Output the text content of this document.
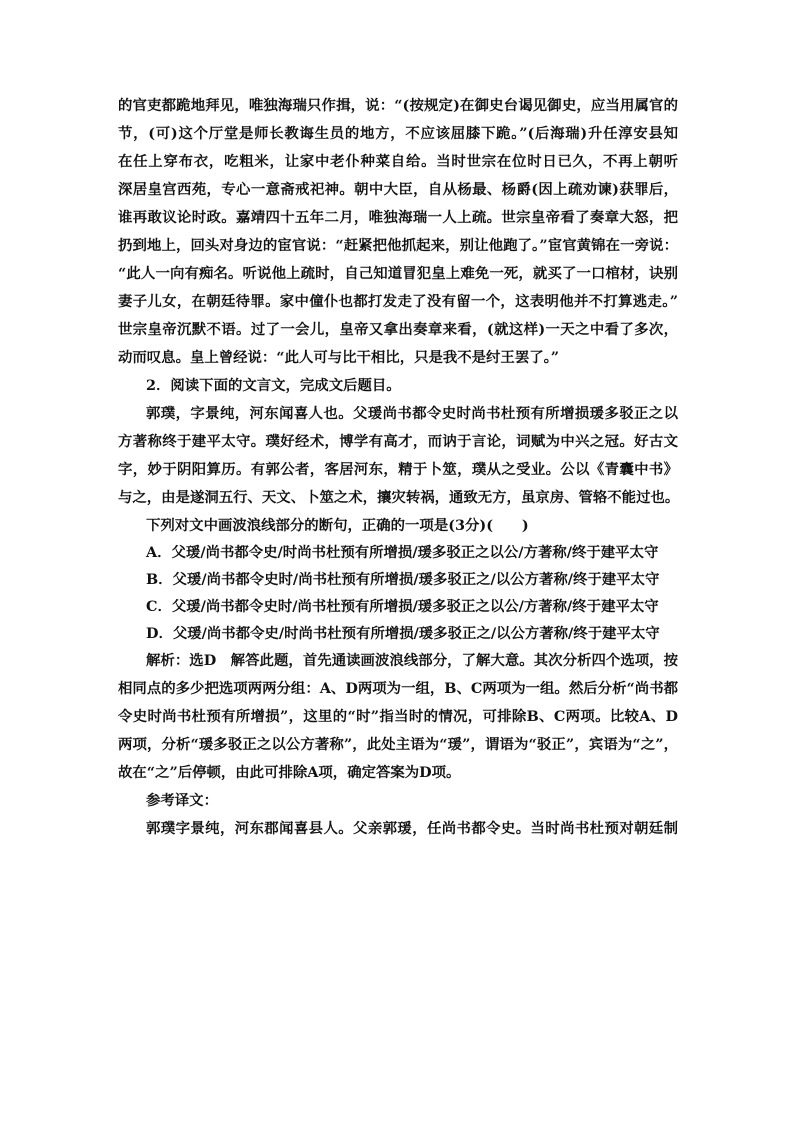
的官吏都跪地拜见，唯独海瑞只作揖，说：“(按规定)在御史台谒见御史，应当用属官的
节，(可)这个厅堂是师长教诲生员的地方，不应该屈膝下跪。”(后海瑞)升任淳安县知
在任上穿布衣，吃粗米，让家中老仆种菜自给。当时世宗在位时日已久，不再上朝听
深居皇宫西苑，专心一意斋戒祀神。朝中大臣，自从杨最、杨爵(因上疏劝谏)获罪后，
谁再敢议论时政。嘉靖四十五年二月，唯独海瑞一人上疏。世宗皇帝看了奏章大怒，把
扔到地上，回头对身边的宦官说：“赶紧把他抓起来，别让他跑了。”宦官黄锦在一旁说：
“此人一向有痴名。听说他上疏时，自己知道冒犯皇上难免一死，就买了一口棺材，诀别
妻子儿女，在朝廷待罪。家中僮仆也都打发走了没有留一个，这表明他并不打算逃走。”
世宗皇帝沉默不语。过了一会儿，皇帝又拿出奏章来看，(就这样)一天之中看了多次，
动而叹息。皇上曾经说：“此人可与比干相比，只是我不是纣王罢了。”
2．阅读下面的文言文，完成文后题目。
郭璞，字景纯，河东闻喜人也。父瑗尚书都令史时尚书杜预有所增损瑗多驳正之以
方著称终于建平太守。璞好经术，博学有高才，而讷于言论，词赋为中兴之冠。好古文
字，妙于阴阳算历。有郭公者，客居河东，精于卜筮，璞从之受业。公以《青囊中书》
与之，由是遂洞五行、天文、卜筮之术，攘灾转祸，通致无方，虽京房、管辂不能过也。
下列对文中画波浪线部分的断句，正确的一项是(3分)(　　)
A．父瑗/尚书都令史/时尚书杜预有所增损/瑗多驳正之以公/方著称/终于建平太守
B．父瑗/尚书都令史时/尚书杜预有所增损/瑗多驳正之/以公方著称/终于建平太守
C．父瑗/尚书都令史时/尚书杜预有所增损/瑗多驳正之以公/方著称/终于建平太守
D．父瑗/尚书都令史/时尚书杜预有所增损/瑗多驳正之/以公方著称/终于建平太守
解析：选D　解答此题，首先通读画波浪线部分，了解大意。其次分析四个选项，按
相同点的多少把选项两两分组：A、D两项为一组，B、C两项为一组。然后分析“尚书都
令史时尚书杜预有所增损”，这里的“时”指当时的情况，可排除B、C两项。比较A、D
两项，分析“瑗多驳正之以公方著称”，此处主语为“瑗”，谓语为“驳正”，宾语为“之”，
故在“之”后停顿，由此可排除A项，确定答案为D项。
参考译文：
郭璞字景纯，河东郡闻喜县人。父亲郭瑗，任尚书都令史。当时尚书杜预对朝廷制
